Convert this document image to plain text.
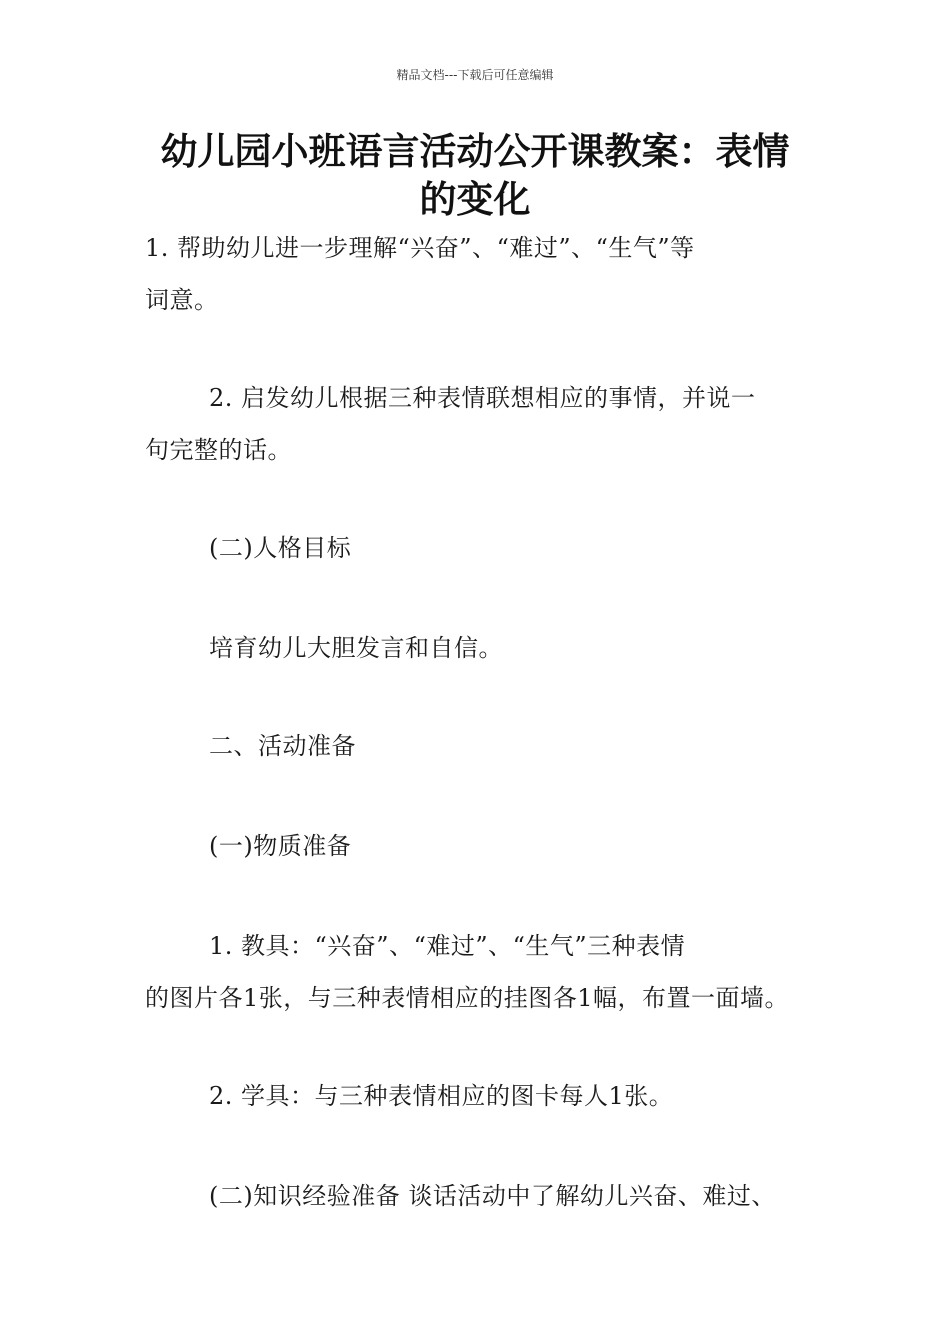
精品文档---下载后可任意编辑
幼儿园小班语言活动公开课教案：表情
的变化
1. 帮助幼儿进一步理解“兴奋”、“难过”、“生气”等
词意。
2. 启发幼儿根据三种表情联想相应的事情，并说一
句完整的话。
(二)人格目标
培育幼儿大胆发言和自信。
二、活动准备
(一)物质准备
1. 教具：“兴奋”、“难过”、“生气”三种表情
的图片各1张，与三种表情相应的挂图各1幅，布置一面墙。
2. 学具：与三种表情相应的图卡每人1张。
(二)知识经验准备 谈话活动中了解幼儿兴奋、难过、
